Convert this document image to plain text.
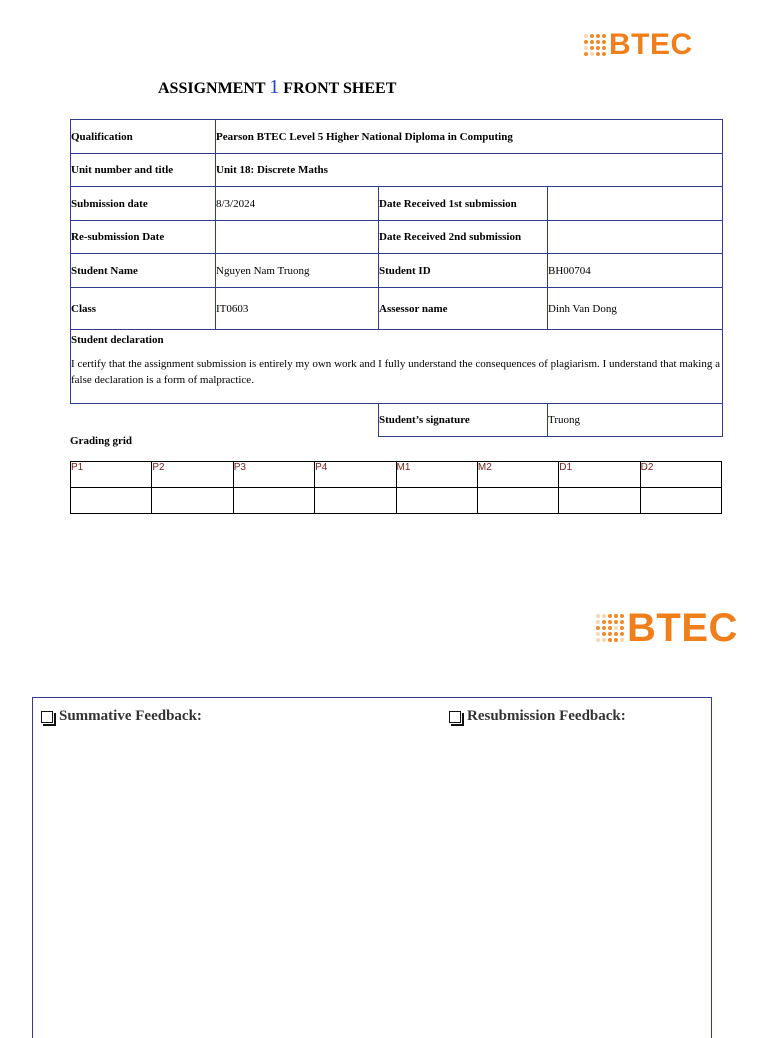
BTEC
ASSIGNMENT 1 FRONT SHEET
Qualification	Pearson BTEC Level 5 Higher National Diploma in Computing		
Unit number and title	Unit 18: Discrete Maths		
Submission date	8/3/2024	Date Received 1st submission	
Re-submission Date		Date Received 2nd submission	
Student Name	Nguyen Nam Truong	Student ID	BH00704
Class	IT0603	Assessor name	Dinh Van Dong

Student declaration
I certify that the assignment submission is entirely my own work and I fully understand the consequences of plagiarism. I understand that making a false declaration is a form of malpractice.			

		Student’s signature	Truong
Grading grid
P1	P2	P3	P4	M1	M2	D1	D2

BTEC
Summative Feedback:	Resubmission Feedback:
